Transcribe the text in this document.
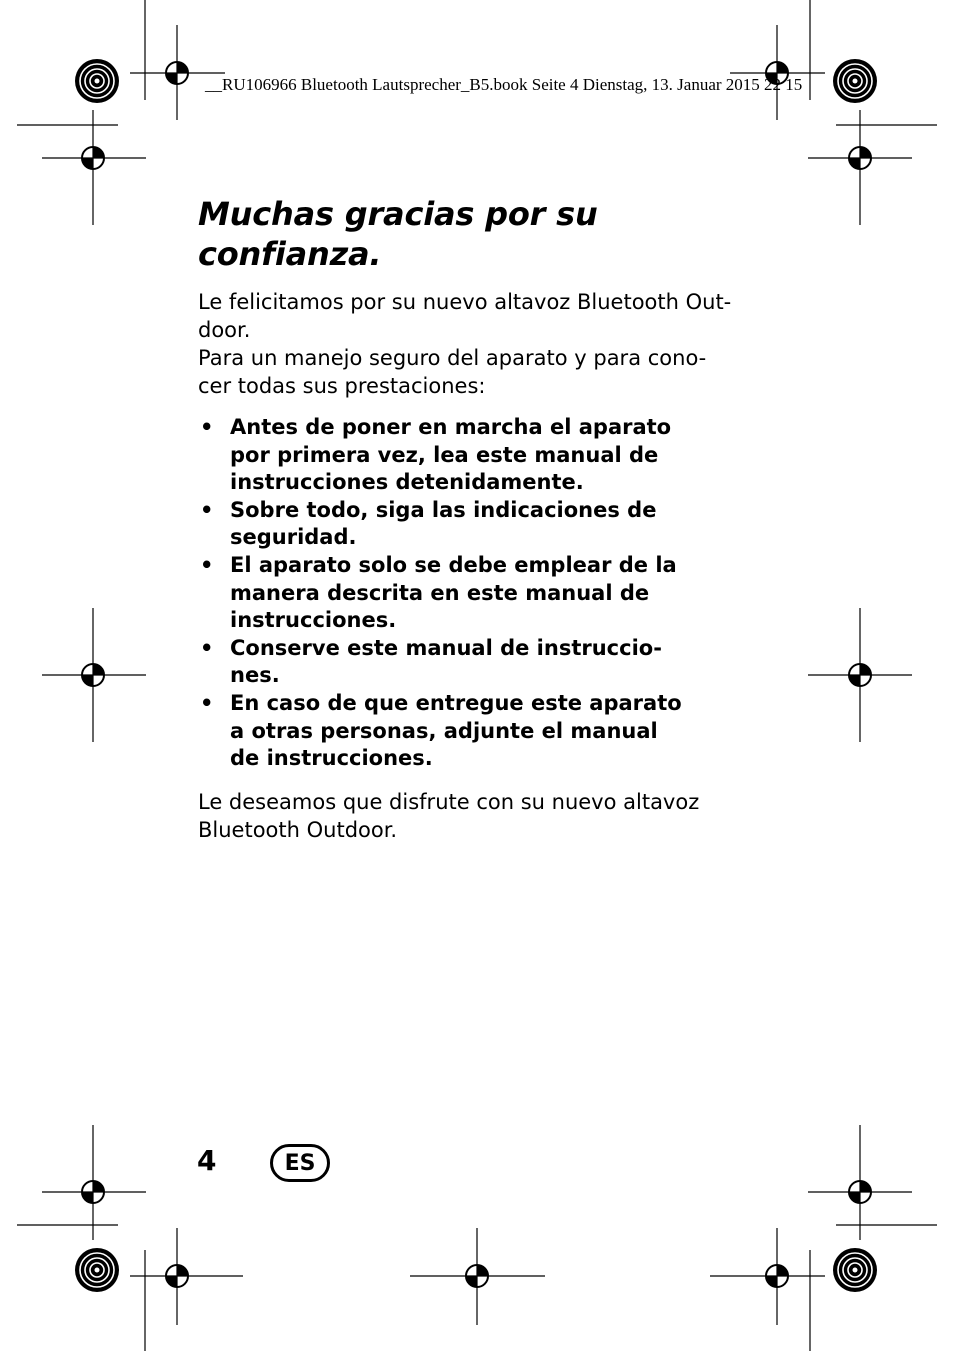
__RU106966 Bluetooth Lautsprecher_B5.book Seite 4 Dienstag, 13. Januar 2015 22 15
Muchas gracias por su
confianza.

Le felicitamos por su nuevo altavoz Bluetooth Out-
door.
Para un manejo seguro del aparato y para cono-
cer todas sus prestaciones:

• Antes de poner en marcha el aparato
por primera vez, lea este manual de
instrucciones detenidamente.
• Sobre todo, siga las indicaciones de
seguridad.
• El aparato solo se debe emplear de la
manera descrita en este manual de
instrucciones.
• Conserve este manual de instruccio-
nes.
• En caso de que entregue este aparato
a otras personas, adjunte el manual
de instrucciones.

Le deseamos que disfrute con su nuevo altavoz
Bluetooth Outdoor.

4	ES
